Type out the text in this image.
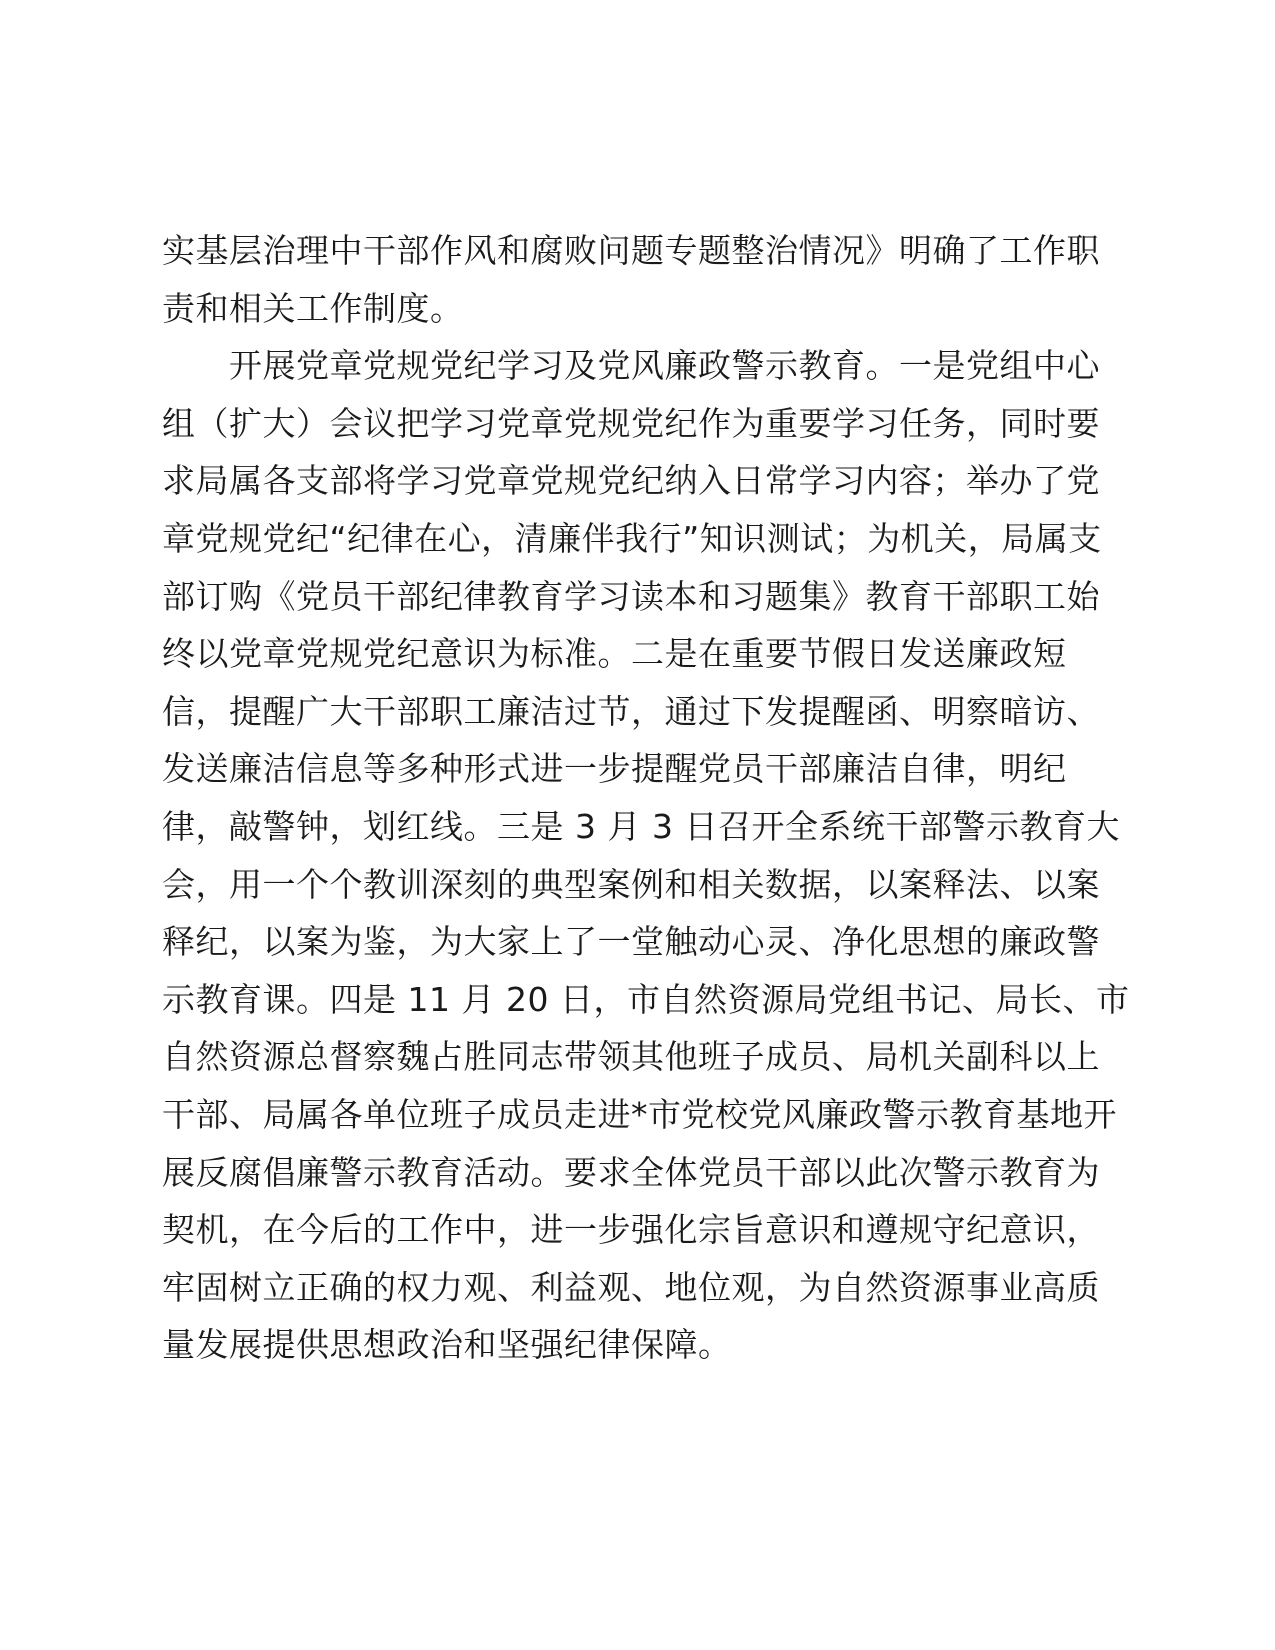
实基层治理中干部作风和腐败问题专题整治情况》明确了工作职
责和相关工作制度。
　　开展党章党规党纪学习及党风廉政警示教育。一是党组中心
组（扩大）会议把学习党章党规党纪作为重要学习任务，同时要
求局属各支部将学习党章党规党纪纳入日常学习内容；举办了党
章党规党纪“纪律在心，清廉伴我行”知识测试；为机关，局属支
部订购《党员干部纪律教育学习读本和习题集》教育干部职工始
终以党章党规党纪意识为标准。二是在重要节假日发送廉政短
信，提醒广大干部职工廉洁过节，通过下发提醒函、明察暗访、
发送廉洁信息等多种形式进一步提醒党员干部廉洁自律，明纪
律，敲警钟，划红线。三是 3 月 3 日召开全系统干部警示教育大
会，用一个个教训深刻的典型案例和相关数据，以案释法、以案
释纪，以案为鉴，为大家上了一堂触动心灵、净化思想的廉政警
示教育课。四是 11 月 20 日，市自然资源局党组书记、局长、市
自然资源总督察魏占胜同志带领其他班子成员、局机关副科以上
干部、局属各单位班子成员走进*市党校党风廉政警示教育基地开
展反腐倡廉警示教育活动。要求全体党员干部以此次警示教育为
契机，在今后的工作中，进一步强化宗旨意识和遵规守纪意识，
牢固树立正确的权力观、利益观、地位观，为自然资源事业高质
量发展提供思想政治和坚强纪律保障。
